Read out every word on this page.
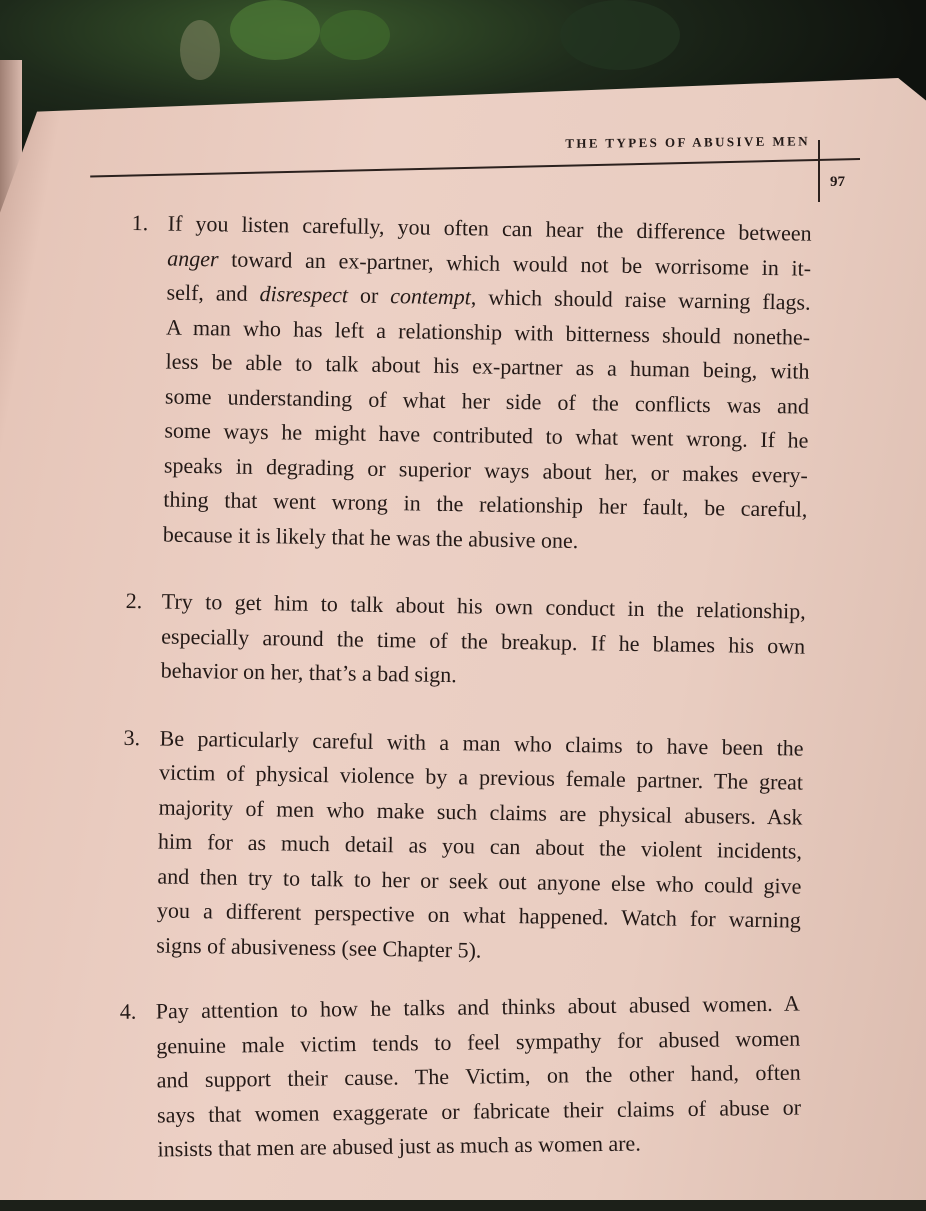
THE TYPES OF ABUSIVE MEN
97
1. If you listen carefully, you often can hear the difference between
anger toward an ex-partner, which would not be worrisome in it-
self, and disrespect or contempt, which should raise warning flags.
A man who has left a relationship with bitterness should nonethe-
less be able to talk about his ex-partner as a human being, with
some understanding of what her side of the conflicts was and
some ways he might have contributed to what went wrong. If he
speaks in degrading or superior ways about her, or makes every-
thing that went wrong in the relationship her fault, be careful,
because it is likely that he was the abusive one.
2. Try to get him to talk about his own conduct in the relationship,
especially around the time of the breakup. If he blames his own
behavior on her, that’s a bad sign.
3. Be particularly careful with a man who claims to have been the
victim of physical violence by a previous female partner. The great
majority of men who make such claims are physical abusers. Ask
him for as much detail as you can about the violent incidents,
and then try to talk to her or seek out anyone else who could give
you a different perspective on what happened. Watch for warning
signs of abusiveness (see Chapter 5).
4. Pay attention to how he talks and thinks about abused women. A
genuine male victim tends to feel sympathy for abused women
and support their cause. The Victim, on the other hand, often
says that women exaggerate or fabricate their claims of abuse or
insists that men are abused just as much as women are.
